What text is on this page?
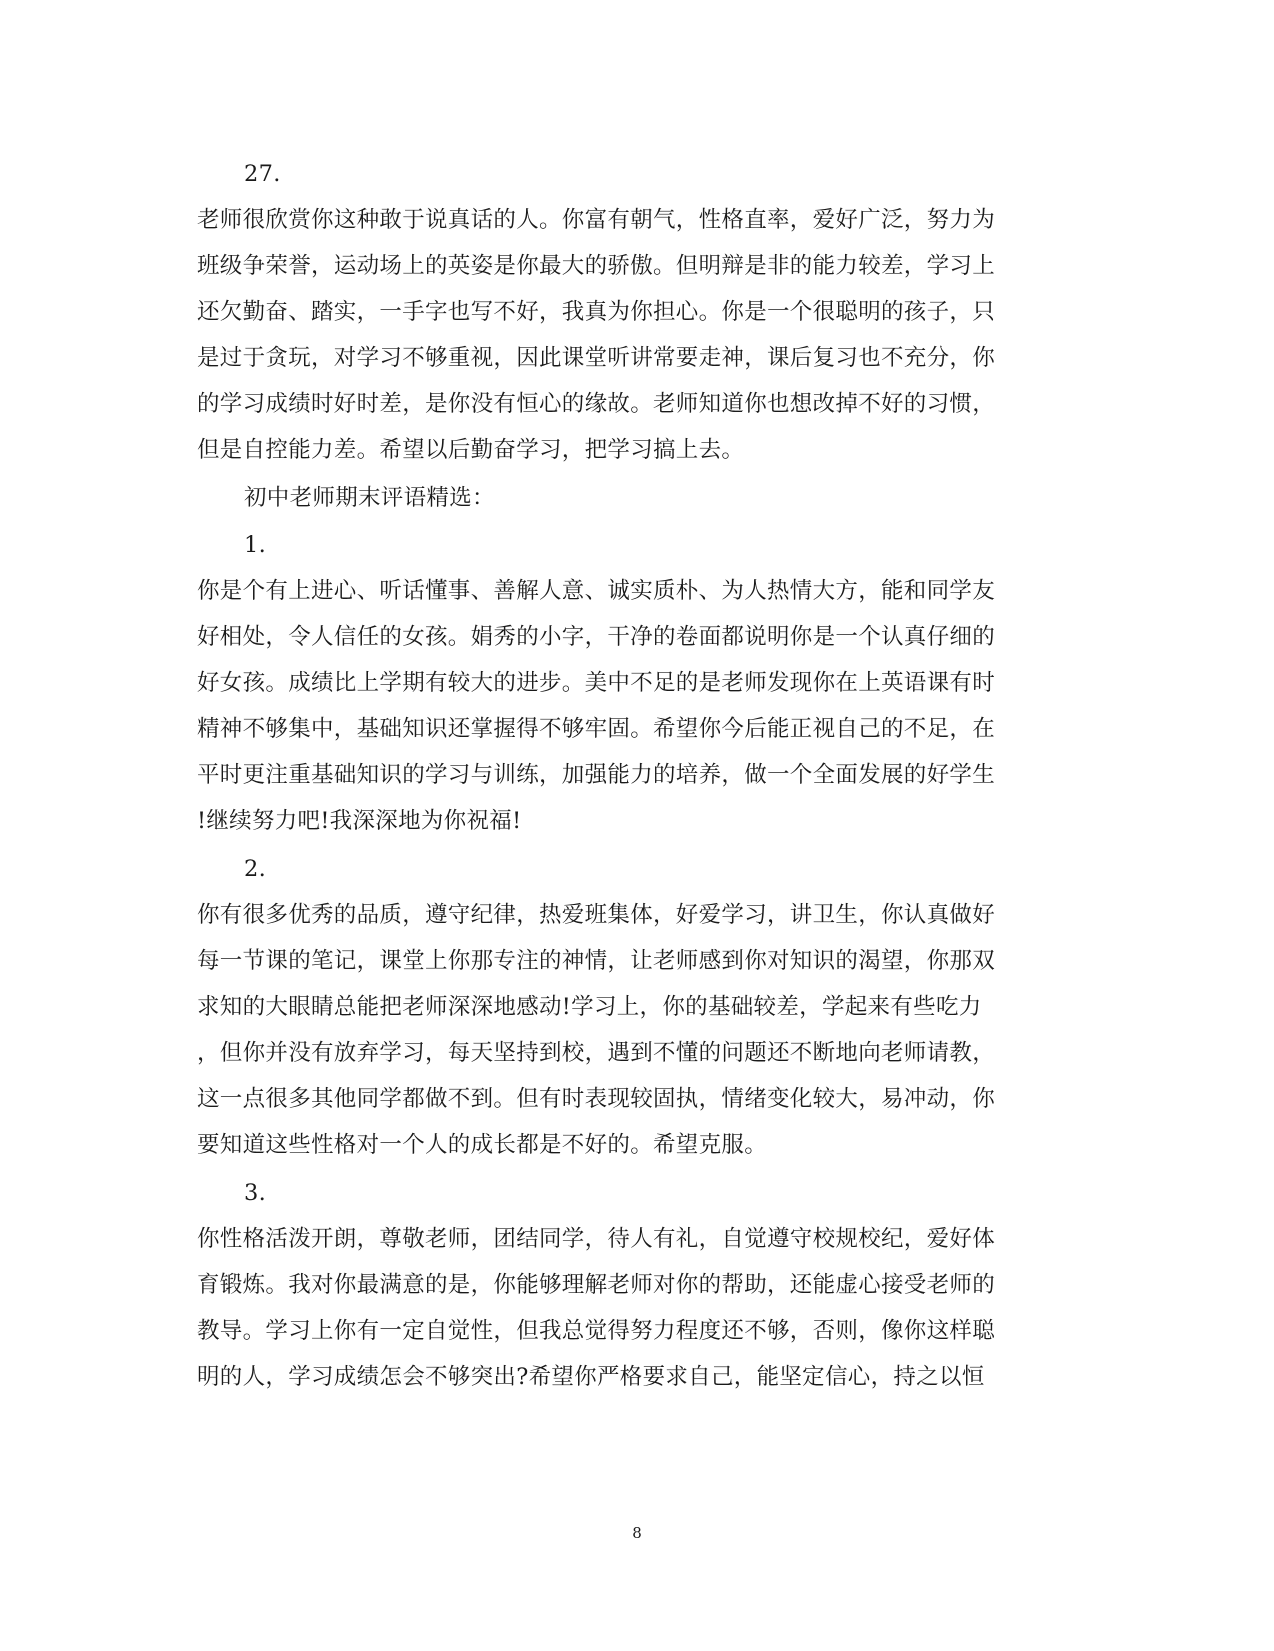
27.
老师很欣赏你这种敢于说真话的人。你富有朝气，性格直率，爱好广泛，努力为
班级争荣誉，运动场上的英姿是你最大的骄傲。但明辩是非的能力较差，学习上
还欠勤奋、踏实，一手字也写不好，我真为你担心。你是一个很聪明的孩子，只
是过于贪玩，对学习不够重视，因此课堂听讲常要走神，课后复习也不充分，你
的学习成绩时好时差，是你没有恒心的缘故。老师知道你也想改掉不好的习惯，
但是自控能力差。希望以后勤奋学习，把学习搞上去。
初中老师期末评语精选：
1.
你是个有上进心、听话懂事、善解人意、诚实质朴、为人热情大方，能和同学友
好相处，令人信任的女孩。娟秀的小字，干净的卷面都说明你是一个认真仔细的
好女孩。成绩比上学期有较大的进步。美中不足的是老师发现你在上英语课有时
精神不够集中，基础知识还掌握得不够牢固。希望你今后能正视自己的不足，在
平时更注重基础知识的学习与训练，加强能力的培养，做一个全面发展的好学生
!继续努力吧!我深深地为你祝福!
2.
你有很多优秀的品质，遵守纪律，热爱班集体，好爱学习，讲卫生，你认真做好
每一节课的笔记，课堂上你那专注的神情，让老师感到你对知识的渴望，你那双
求知的大眼睛总能把老师深深地感动!学习上，你的基础较差，学起来有些吃力
，但你并没有放弃学习，每天坚持到校，遇到不懂的问题还不断地向老师请教，
这一点很多其他同学都做不到。但有时表现较固执，情绪变化较大，易冲动，你
要知道这些性格对一个人的成长都是不好的。希望克服。
3.
你性格活泼开朗，尊敬老师，团结同学，待人有礼，自觉遵守校规校纪，爱好体
育锻炼。我对你最满意的是，你能够理解老师对你的帮助，还能虚心接受老师的
教导。学习上你有一定自觉性，但我总觉得努力程度还不够，否则，像你这样聪
明的人，学习成绩怎会不够突出?希望你严格要求自己，能坚定信心，持之以恒
8
